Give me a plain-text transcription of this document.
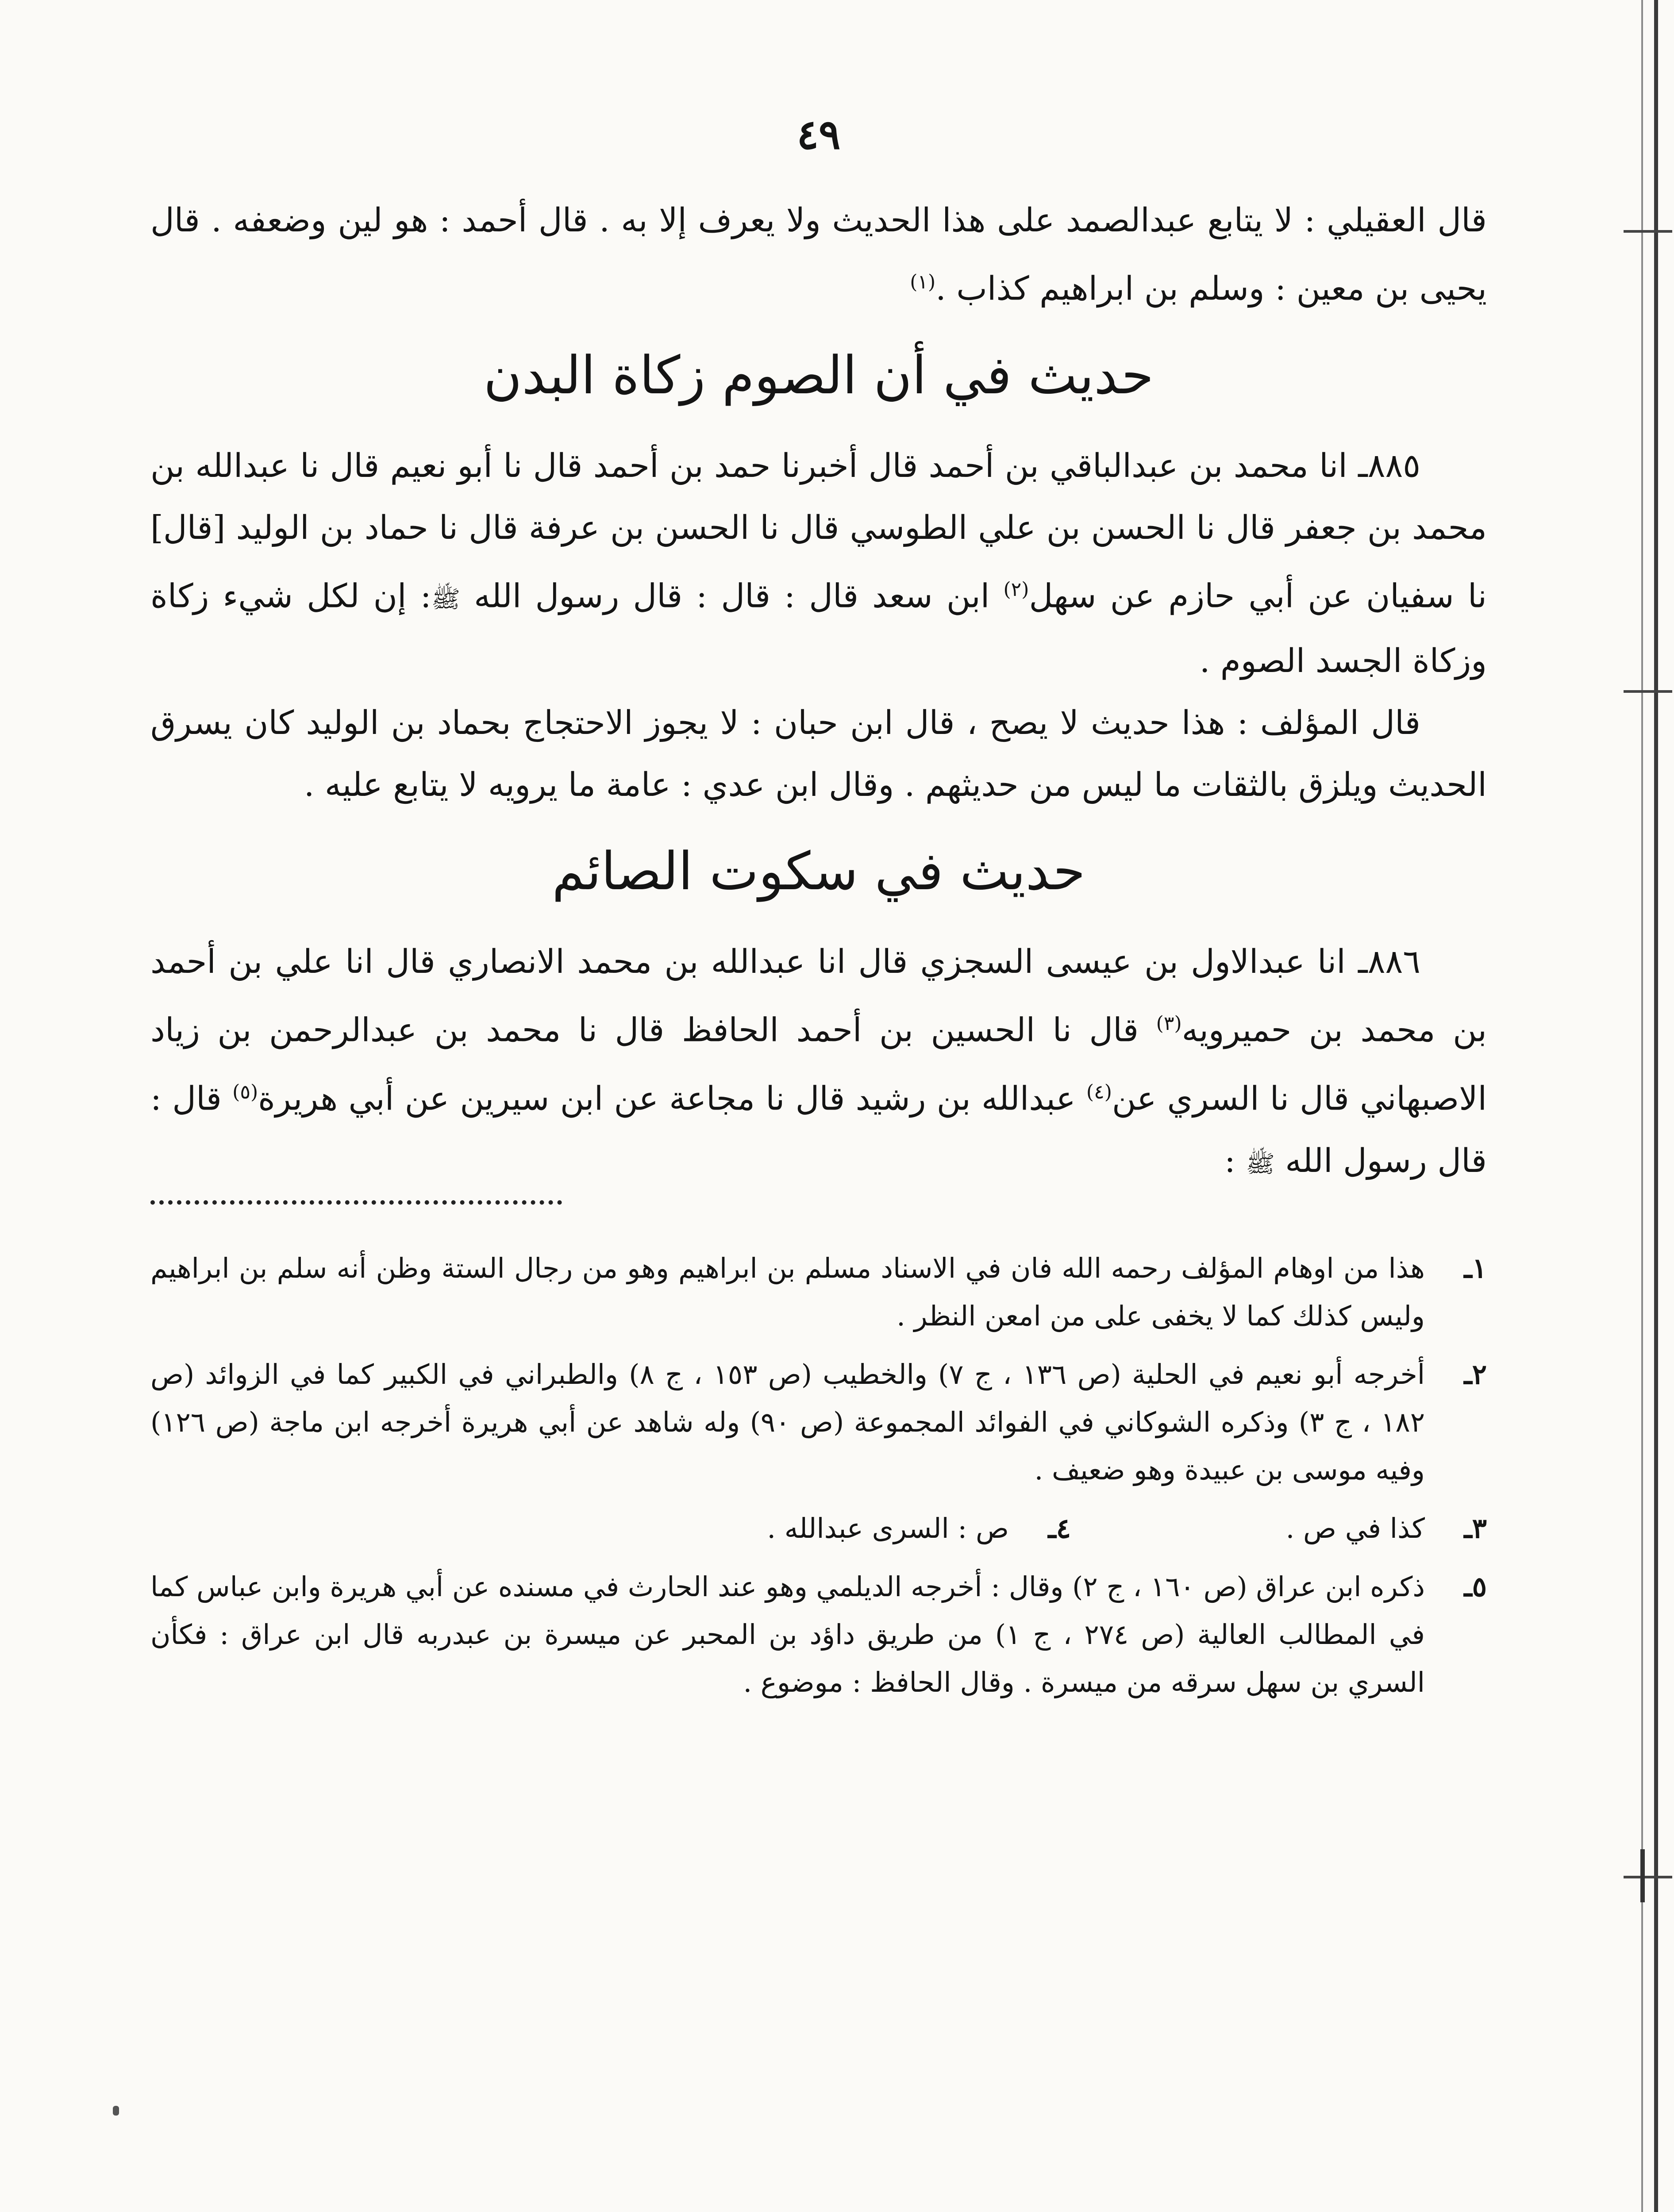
٤٩

قال العقيلي : لا يتابع عبدالصمد على هذا الحديث ولا يعرف إلا به . قال أحمد : هو لين وضعفه . قال يحيى بن معين : وسلم بن ابراهيم كذاب .$^{(١)}$

حديث في أن الصوم زكاة البدن

٨٨٥ـ انا محمد بن عبدالباقي بن أحمد قال أخبرنا حمد بن أحمد قال نا أبو نعيم قال نا عبدالله بن محمد بن جعفر قال نا الحسن بن علي الطوسي قال نا الحسن بن عرفة قال نا حماد بن الوليد [قال] نا سفيان عن أبي حازم عن سهل$^{(٢)}$ ابن سعد قال : قال : قال رسول الله ﷺ: إن لكل شيء زكاة وزكاة الجسد الصوم .

قال المؤلف : هذا حديث لا يصح ، قال ابن حبان : لا يجوز الاحتجاج بحماد بن الوليد كان يسرق الحديث ويلزق بالثقات ما ليس من حديثهم . وقال ابن عدي : عامة ما يرويه لا يتابع عليه .

حديث في سكوت الصائم

٨٨٦ـ انا عبدالاول بن عيسى السجزي قال انا عبدالله بن محمد الانصاري قال انا علي بن أحمد بن محمد بن حميرويه$^{(٣)}$ قال نا الحسين بن أحمد الحافظ قال نا محمد بن عبدالرحمن بن زياد الاصبهاني قال نا السري عن$^{(٤)}$ عبدالله بن رشيد قال نا مجاعة عن ابن سيرين عن أبي هريرة$^{(٥)}$ قال : قال رسول الله ﷺ :

١ـ
هذا من اوهام المؤلف رحمه الله فان في الاسناد مسلم بن ابراهيم وهو من رجال الستة وظن أنه سلم بن ابراهيم وليس كذلك كما لا يخفى على من امعن النظر .
٢ـ
أخرجه أبو نعيم في الحلية (ص ١٣٦ ، ج ٧) والخطيب (ص ١٥٣ ، ج ٨) والطبراني في الكبير كما في الزوائد (ص ١٨٢ ، ج ٣) وذكره الشوكاني في الفوائد المجموعة (ص ٩٠) وله شاهد عن أبي هريرة أخرجه ابن ماجة (ص ١٢٦) وفيه موسى بن عبيدة وهو ضعيف .
٣ـ
كذا في ص .
٤ـ
ص : السرى عبدالله .
٥ـ
ذكره ابن عراق (ص ١٦٠ ، ج ٢) وقال : أخرجه الديلمي وهو عند الحارث في مسنده عن أبي هريرة وابن عباس كما في المطالب العالية (ص ٢٧٤ ، ج ١) من طريق داؤد بن المحبر عن ميسرة بن عبدربه قال ابن عراق : فكأن السري بن سهل سرقه من ميسرة . وقال الحافظ : موضوع .
